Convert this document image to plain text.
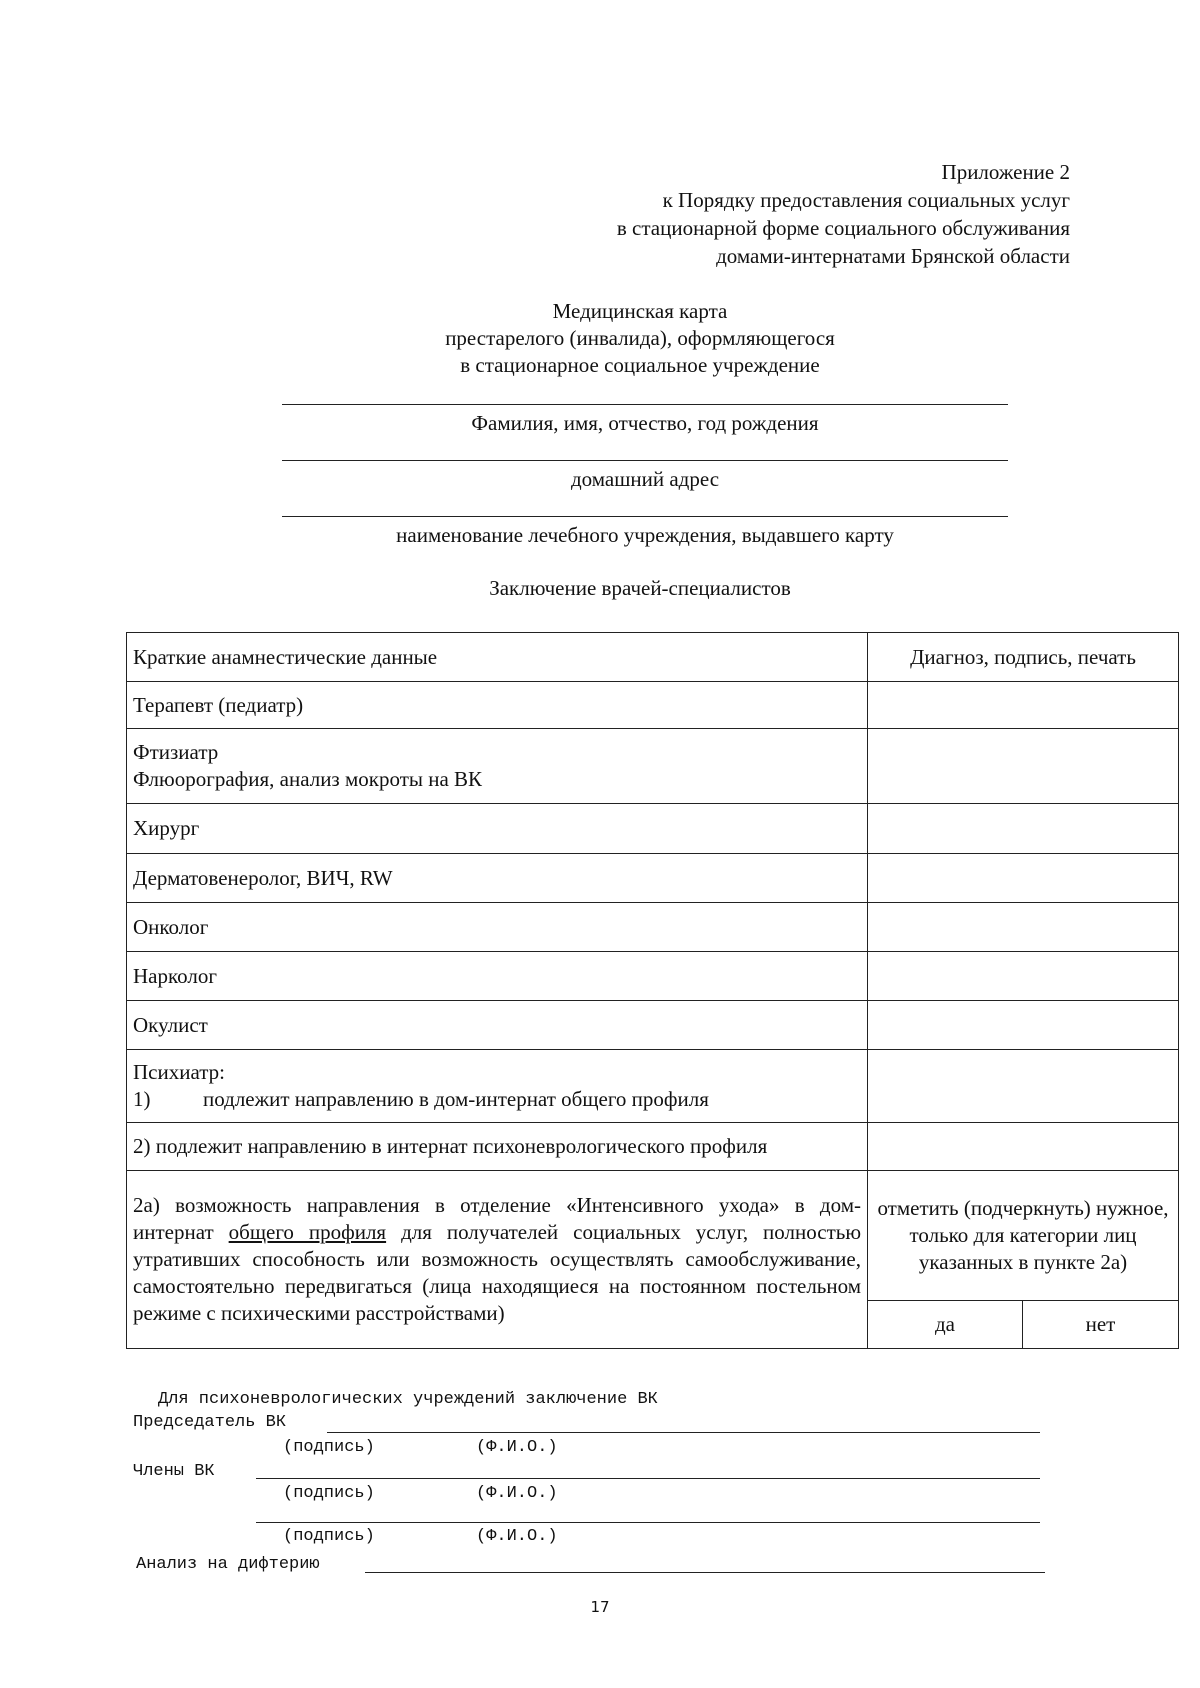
Приложение 2
к Порядку предоставления социальных услуг
в стационарной форме социального обслуживания
домами-интернатами Брянской области
Медицинская карта
престарелого (инвалида), оформляющегося
в стационарное социальное учреждение
Фамилия, имя, отчество, год рождения
домашний адрес
наименование лечебного учреждения, выдавшего карту
Заключение врачей-специалистов
Краткие анамнестические данные	Диагноз, подпись, печать	
Терапевт (педиатр)		

Фтизиатр
Флюорография, анализ мокроты на ВК		

Хирург		
Дерматовенеролог, ВИЧ, RW		
Онколог		
Нарколог		
Окулист		

Психиатр:
1) подлежит направлению в дом-интернат общего профиля		

2) подлежит направлению в интернат психоневрологического профиля		
2а) возможность направления в отделение «Интенсивного ухода» в дом-интернат общего профиля для получателей социальных услуг, полностью утративших способность или возможность осуществлять самообслуживание, самостоятельно передвигаться (лица находящиеся на постоянном постельном режиме с психическими расстройствами)	отметить (подчеркнуть) нужное, только для категории лиц указанных в пункте 2а)	
	да	нет
Для психоневрологических учреждений заключение ВК
Председатель ВК
(подпись)	(Ф.И.О.)
Члены ВК
(подпись)	(Ф.И.О.)
(подпись)	(Ф.И.О.)
Анализ на дифтерию
17
